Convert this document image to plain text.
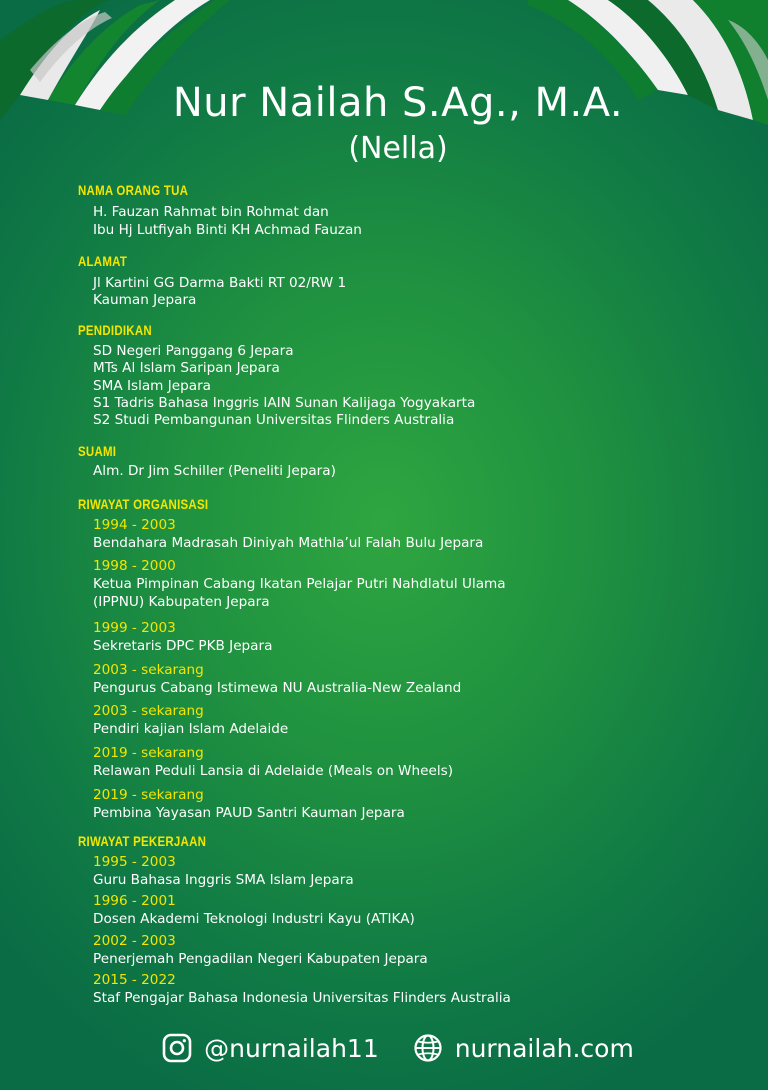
Nur Nailah S.Ag., M.A.
(Nella)
NAMA ORANG TUA
H. Fauzan Rahmat bin Rohmat dan
Ibu Hj Lutfiyah Binti KH Achmad Fauzan
ALAMAT
Jl Kartini GG Darma Bakti RT 02/RW 1
Kauman Jepara
PENDIDIKAN
SD Negeri Panggang 6 Jepara
MTs Al Islam Saripan Jepara
SMA Islam Jepara
S1 Tadris Bahasa Inggris IAIN Sunan Kalijaga Yogyakarta
S2 Studi Pembangunan Universitas Flinders Australia
SUAMI
Alm. Dr Jim Schiller (Peneliti Jepara)
RIWAYAT ORGANISASI
1994 - 2003
Bendahara Madrasah Diniyah Mathla’ul Falah Bulu Jepara
1998 - 2000
Ketua Pimpinan Cabang Ikatan Pelajar Putri Nahdlatul Ulama
(IPPNU) Kabupaten Jepara
1999 - 2003
Sekretaris DPC PKB Jepara
2003 - sekarang
Pengurus Cabang Istimewa NU Australia-New Zealand
2003 - sekarang
Pendiri kajian Islam Adelaide
2019 - sekarang
Relawan Peduli Lansia di Adelaide (Meals on Wheels)
2019 - sekarang
Pembina Yayasan PAUD Santri Kauman Jepara
RIWAYAT PEKERJAAN
1995 - 2003
Guru Bahasa Inggris SMA Islam Jepara
1996 - 2001
Dosen Akademi Teknologi Industri Kayu (ATIKA)
2002 - 2003
Penerjemah Pengadilan Negeri Kabupaten Jepara
2015 - 2022
Staf Pengajar Bahasa Indonesia Universitas Flinders Australia
@nurnailah11	nurnailah.com
